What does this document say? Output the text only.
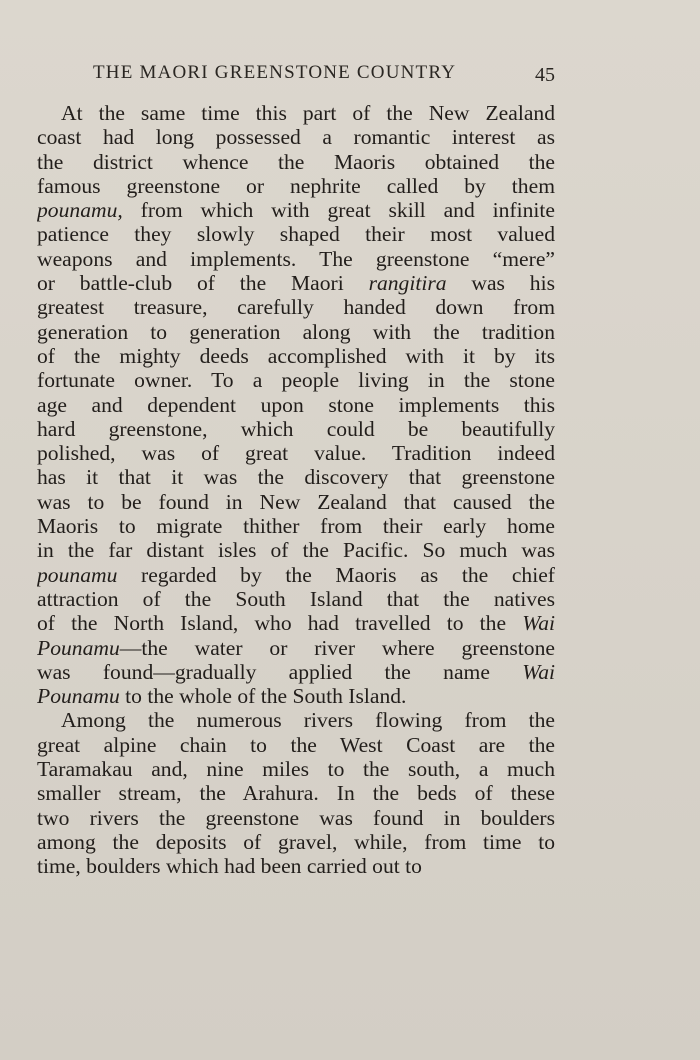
THE MAORI GREENSTONE COUNTRY	45
At the same time this part of the New Zealand
coast had long possessed a romantic interest as
the district whence the Maoris obtained the
famous greenstone or nephrite called by them
pounamu, from which with great skill and infinite
patience they slowly shaped their most valued
weapons and implements. The greenstone “mere”
or battle-club of the Maori rangitira was his
greatest treasure, carefully handed down from
generation to generation along with the tradition
of the mighty deeds accomplished with it by its
fortunate owner. To a people living in the stone
age and dependent upon stone implements this
hard greenstone, which could be beautifully
polished, was of great value. Tradition indeed
has it that it was the discovery that greenstone
was to be found in New Zealand that caused the
Maoris to migrate thither from their early home
in the far distant isles of the Pacific. So much was
pounamu regarded by the Maoris as the chief
attraction of the South Island that the natives
of the North Island, who had travelled to the Wai
Pounamu—the water or river where greenstone
was found—gradually applied the name Wai
Pounamu to the whole of the South Island.
Among the numerous rivers flowing from the
great alpine chain to the West Coast are the
Taramakau and, nine miles to the south, a much
smaller stream, the Arahura. In the beds of these
two rivers the greenstone was found in boulders
among the deposits of gravel, while, from time to
time, boulders which had been carried out to
